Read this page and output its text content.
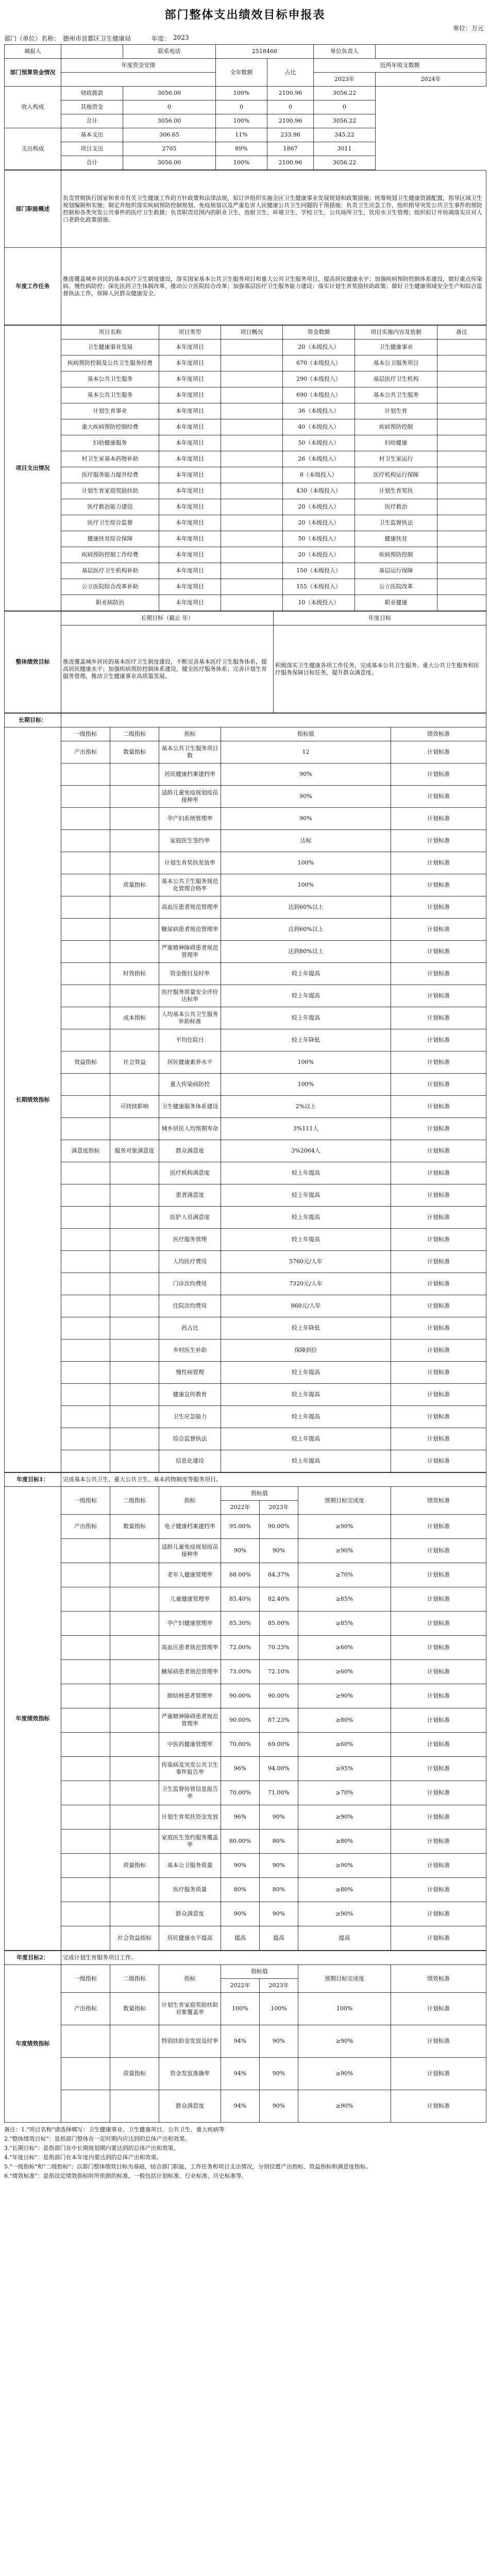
部门整体支出绩效目标申报表
单位：万元
部门（单位）名称： 德州市首都区卫生健康局	年度： 2023
填报人		联系电话	2518468		单位负责人	
部门预算资金情况	年度资金安排		全年数额	占比	近两年收支数额	
					2023年	2024年
收入构成	财政拨款	3056.00	100%	2100.96	3056.22	
	其他资金	0	0	0	0	
	合计	3056.00	100%	2100.96	3056.22	
支出构成	基本支出	306.65	11%	233.96	345.22	
	项目支出	2705	89%	1867	3011	
	合计	3056.00	100%	2100.96	3056.22	
部门职能概述	负责贯彻执行国家和省市有关卫生健康工作的方针政策和法律法规，拟订并组织实施全区卫生健康事业发展规划和政策措施；统筹规划卫生健康资源配置，指导区域卫生规划编制和实施；制定并组织落实疾病预防控制规划、免疫规划以及严重危害人民健康公共卫生问题的干预措施；负责卫生应急工作，组织指导突发公共卫生事件的预防控制和各类突发公共事件的医疗卫生救援；负责职责范围内的职业卫生、放射卫生、环境卫生、学校卫生、公共场所卫生、饮用水卫生管理；组织拟订并协调落实应对人口老龄化政策措施。
年度工作任务	推进覆盖城乡居民的基本医疗卫生制度建设，落实国家基本公共卫生服务项目和重大公共卫生服务项目，提高居民健康水平；加强疾病预防控制体系建设，做好重点传染病、慢性病防控；深化医药卫生体制改革，推动公立医院综合改革；加强基层医疗卫生服务能力建设；落实计划生育奖励扶助政策；做好卫生健康领域安全生产和综合监督执法工作，保障人民群众健康安全。
项目支出情况	项目名称	项目类型	项目概况	资金数额	项目实施内容及依据	备注
	卫生健康事业发展	本年度项目		20（本级投入）	卫生健康事业	
	疾病预防控制及公共卫生服务经费	本年度项目		670（本级投入）	基本公卫服务项目	
	基本公共卫生服务	本年度项目		290（本级投入）	基层医疗卫生机构	
	基本公共卫生服务	本年度项目		690（本级投入）	基本公共卫生服务	
	计划生育事业	本年度项目		36（本级投入）	计划生育	
	重大疾病预防控制经费	本年度项目		40（本级投入）	疾病预防控制	
	妇幼健康服务	本年度项目		50（本级投入）	妇幼健康	
	村卫生室基本药物补助	本年度项目		26（本级投入）	村卫生室运行	
	医疗服务能力提升经费	本年度项目		8（本级投入）	医疗机构运行保障	
	计划生育家庭奖励扶助	本年度项目		430（本级投入）	计划生育奖扶	
	医疗救治能力建设	本年度项目		20（本级投入）	医疗救治	
	医疗卫生综合监督	本年度项目		20（本级投入）	卫生监督执法	
	健康扶贫综合保障	本年度项目		50（本级投入）	健康扶贫	
	疾病预防控制工作经费	本年度项目		20（本级投入）	疾病预防控制	
	基层医疗卫生机构补助	本年度项目		150（本级投入）	基层运行保障	
	公立医院综合改革补助	本年度项目		155（本级投入）	公立医院改革	
	职业病防治	本年度项目		10（本级投入）	职业健康	
整体绩效目标	长期目标（截止 年）	年度目标
	推进覆盖城乡居民的基本医疗卫生制度建设，不断完善基本医疗卫生服务体系，提高居民健康水平；加强疾病预防控制体系建设，健全医疗服务体系；完善计划生育服务管理，推动卫生健康事业高质量发展。	积极落实卫生健康各项工作任务，完成基本公共卫生服务、重大公共卫生服务和医疗服务保障目标任务，提升群众满意度。
长期目标：					
长期绩效指标	一级指标	二级指标	指标	指标值	绩效标准
	产出指标	数量指标	基本公共卫生服务项目数	12	计划标准
			居民健康档案建档率	90%	计划标准
			适龄儿童免疫规划疫苗接种率	90%	计划标准
			孕产妇系统管理率	90%	计划标准
			家庭医生签约率	达标	计划标准
			计划生育奖扶发放率	100%	计划标准
		质量指标	基本公共卫生服务规范化管理合格率	100%	计划标准
			高血压患者规范管理率	达到60%以上	计划标准
			糖尿病患者规范管理率	达到60%以上	计划标准
			严重精神障碍患者规范管理率	达到80%以上	计划标准
		时效指标	资金拨付及时率	较上年提高	计划标准
			医疗服务质量安全评价达标率	较上年提高	计划标准
		成本指标	人均基本公共卫生服务补助标准	较上年提高	计划标准
			平均住院日	较上年降低	计划标准
	效益指标	社会效益	居民健康素养水平	100%	计划标准
			重大传染病防控	100%	计划标准
		可持续影响	卫生健康服务体系建设	2%以上	计划标准
			城乡居民人均预期寿命	3%111人	计划标准
	满意度指标	服务对象满意度	群众满意度	3%2064人	计划标准
			医疗机构满意度	较上年提高	计划标准
			患者满意度	较上年提高	计划标准
			医护人员满意度	较上年提高	计划标准
			医疗服务管理	较上年提高	计划标准
			人均医疗费用	5760元/人年	计划标准
			门诊次均费用	7320元/人年	计划标准
			住院次均费用	860元/人年	计划标准
			药占比	较上年降低	计划标准
			乡村医生补助	保障到位	计划标准
			慢性病管理	较上年提高	计划标准
			健康宣传教育	较上年提高	计划标准
			卫生应急能力	较上年提高	计划标准
			综合监督执法	较上年提高	计划标准
			信息化建设	较上年提高	计划标准
年度目标1：	完成基本公共卫生、重大公共卫生、基本药物制度等服务项目。						
年度绩效指标	一级指标	二级指标	指标	指标值		预期目标完成度	绩效标准
				2022年	2023年		
	产出指标	数量指标	电子健康档案建档率	95.00%	90.00%	≥90%	计划标准
			适龄儿童免疫规划疫苗接种率	90%	90%	≥90%	计划标准
			老年人健康管理率	88.00%	84.37%	≥70%	计划标准
			儿童健康管理率	85.40%	82.40%	≥85%	计划标准
			孕产妇健康管理率	85.30%	85.00%	≥85%	计划标准
			高血压患者规范管理率	72.00%	70.23%	≥60%	计划标准
			糖尿病患者规范管理率	73.00%	72.10%	≥60%	计划标准
			肺结核患者管理率	90.00%	90.00%	≥90%	计划标准
			严重精神障碍患者规范管理率	90.00%	87.23%	≥80%	计划标准
			中医药健康管理率	70.00%	69.00%	≥60%	计划标准
			传染病及突发公共卫生事件报告率	96%	94.00%	≥95%	计划标准
			卫生监督协管信息报告率	70.00%	71.00%	≥70%	计划标准
			计划生育奖扶资金发放	96%	90%	≥90%	计划标准
			家庭医生签约服务覆盖率	80.00%	80%	≥80%	计划标准
		质量指标	基本公卫服务质量	90%	90%	≥90%	计划标准
			医疗服务质量	80%	80%	≥80%	计划标准
			群众满意度	90%	90%	≥90%	计划标准
		社会效益指标	居民健康水平提高	提高	提高	提高	计划标准
年度目标2：	完成计划生育服务项目工作。						
年度绩效指标	一级指标	二级指标	指标	指标值		预期目标完成度	绩效标准
				2022年	2023年		
	产出指标	数量指标	计划生育家庭奖励扶助对象覆盖率	100%	100%	100%	计划标准
			特别扶助金发放及时率	94%	90%	≥90%	计划标准
		质量指标	资金发放准确率	94%	90%	≥90%	计划标准
			群众满意度	94%	90%	≥90%	计划标准

备注：1."项目名称"请选择填写：卫生健康事业、卫生健康项目、公共卫生、重大疾病等

2."整体绩效目标"：是指部门整体在一定时期内应达到的总体产出和效果。

3."长期目标"：是指部门在中长期规划期内要达到的总体产出和效果。

4."年度目标"：是指部门在本年度内要达到的总体产出和效果。

5."一级指标"和"二级指标"：以部门整体绩效目标为基础，结合部门职能、工作任务和项目支出情况，分别设置产出指标、效益指标和满意度指标。

6."绩效标准"：是指设定绩效指标时所依据的标准，一般包括计划标准、行业标准、历史标准等。
